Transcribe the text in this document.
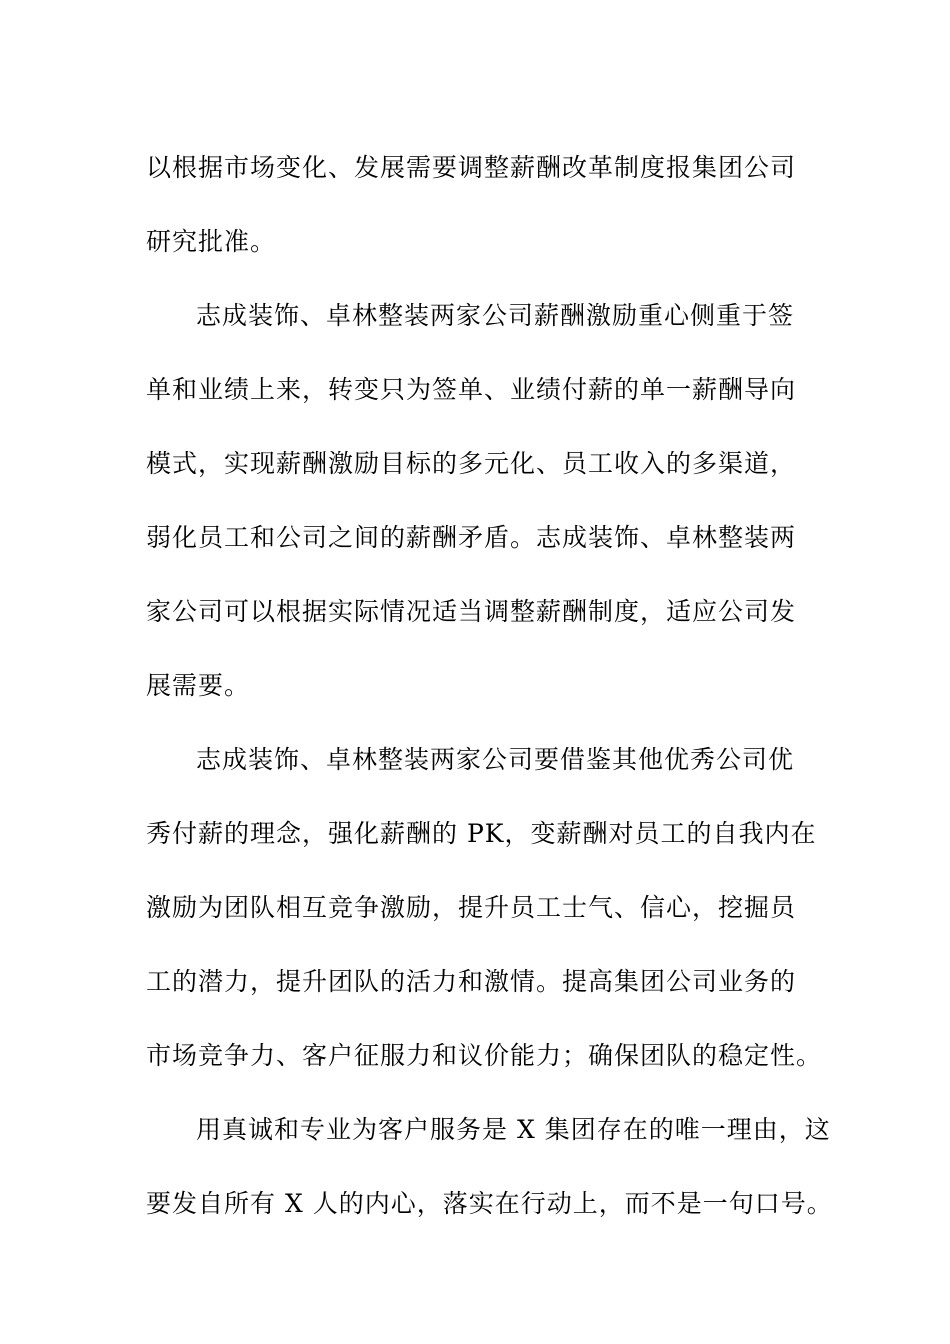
以根据市场变化、发展需要调整薪酬改革制度报集团公司
研究批准。
志成装饰、卓林整装两家公司薪酬激励重心侧重于签
单和业绩上来，转变只为签单、业绩付薪的单一薪酬导向
模式，实现薪酬激励目标的多元化、员工收入的多渠道，
弱化员工和公司之间的薪酬矛盾。志成装饰、卓林整装两
家公司可以根据实际情况适当调整薪酬制度，适应公司发
展需要。
志成装饰、卓林整装两家公司要借鉴其他优秀公司优
秀付薪的理念，强化薪酬的 PK，变薪酬对员工的自我内在
激励为团队相互竞争激励，提升员工士气、信心，挖掘员
工的潜力，提升团队的活力和激情。提高集团公司业务的
市场竞争力、客户征服力和议价能力；确保团队的稳定性。
用真诚和专业为客户服务是 X 集团存在的唯一理由，这
要发自所有 X 人的内心，落实在行动上，而不是一句口号。
